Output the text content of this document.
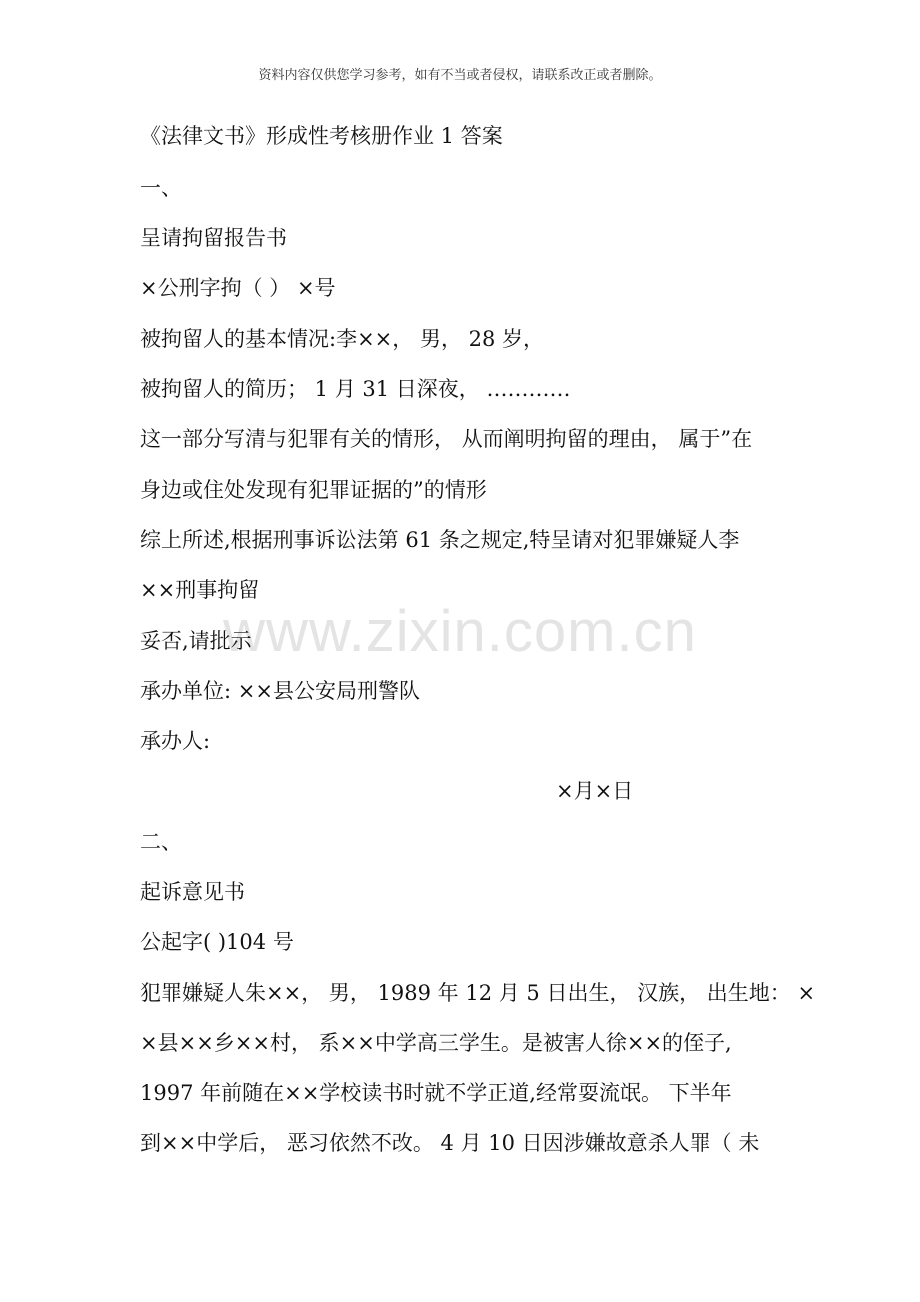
资料内容仅供您学习参考，如有不当或者侵权，请联系改正或者删除。
www.zixin.com.cn
《法律文书》形成性考核册作业 1 答案
一、
呈请拘留报告书
×公刑字拘（ ） ×号
被拘留人的基本情况:李××， 男， 28 岁，
被拘留人的简历； 1 月 31 日深夜， …………
这一部分写清与犯罪有关的情形， 从而阐明拘留的理由， 属于”在
身边或住处发现有犯罪证据的”的情形
综上所述,根据刑事诉讼法第 61 条之规定,特呈请对犯罪嫌疑人李
××刑事拘留
妥否,请批示
承办单位: ××县公安局刑警队
承办人:
×月×日
二、
起诉意见书
公起字( )104 号
犯罪嫌疑人朱××， 男， 1989 年 12 月 5 日出生， 汉族， 出生地： ×
×县××乡××村， 系××中学高三学生。是被害人徐××的侄子,
1997 年前随在××学校读书时就不学正道,经常耍流氓。 下半年
到××中学后， 恶习依然不改。 4 月 10 日因涉嫌故意杀人罪（ 未
